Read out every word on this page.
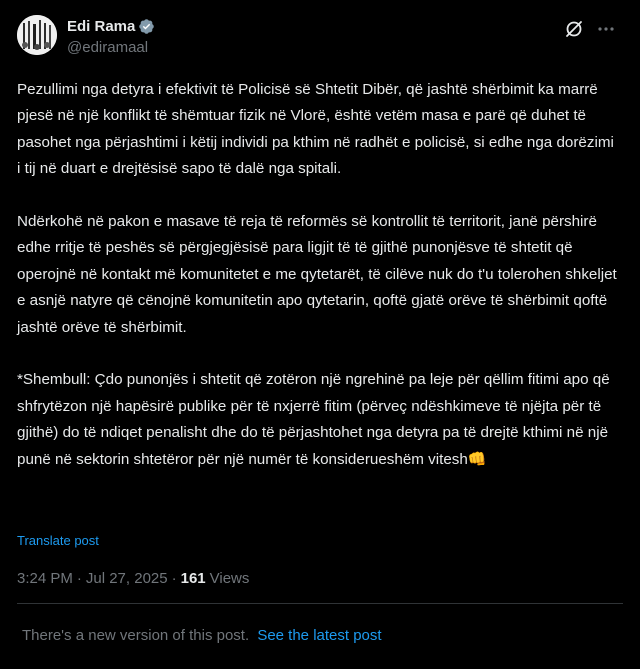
Edi Rama
@ediramaal

Pezullimi nga detyra i efektivit të Policisë së Shtetit Dibër, që jashtë shërbimit ka marrë pjesë në një konflikt të shëmtuar fizik në Vlorë, është vetëm masa e parë që duhet të pasohet nga përjashtimi i këtij individi pa kthim në radhët e policisë, si edhe nga dorëzimi i tij në duart e drejtësisë sapo të dalë nga spitali.

Ndërkohë në pakon e masave të reja të reformës së kontrollit të territorit, janë përshirë edhe rritje të peshës së përgjegjësisë para ligjit të të gjithë punonjësve të shtetit që operojnë në kontakt më komunitetet e me qytetarët, të cilëve nuk do t'u tolerohen shkeljet e asnjë natyre që cënojnë komunitetin apo qytetarin, qoftë gjatë orëve të shërbimit qoftë jashtë orëve të shërbimit.

*Shembull: Çdo punonjës i shtetit që zotëron një ngrehinë pa leje për qëllim fitimi apo që shfrytëzon një hapësirë publike për të nxjerrë fitim (përveç ndëshkimeve të njëjta për të gjithë) do të ndiqet penalisht dhe do të përjashtohet nga detyra pa të drejtë kthimi në një punë në sektorin shtetëror për një numër të konsiderueshëm vitesh👊

Translate post
3:24 PM · Jul 27, 2025 · 161 Views
There's a new version of this post. See the latest post
